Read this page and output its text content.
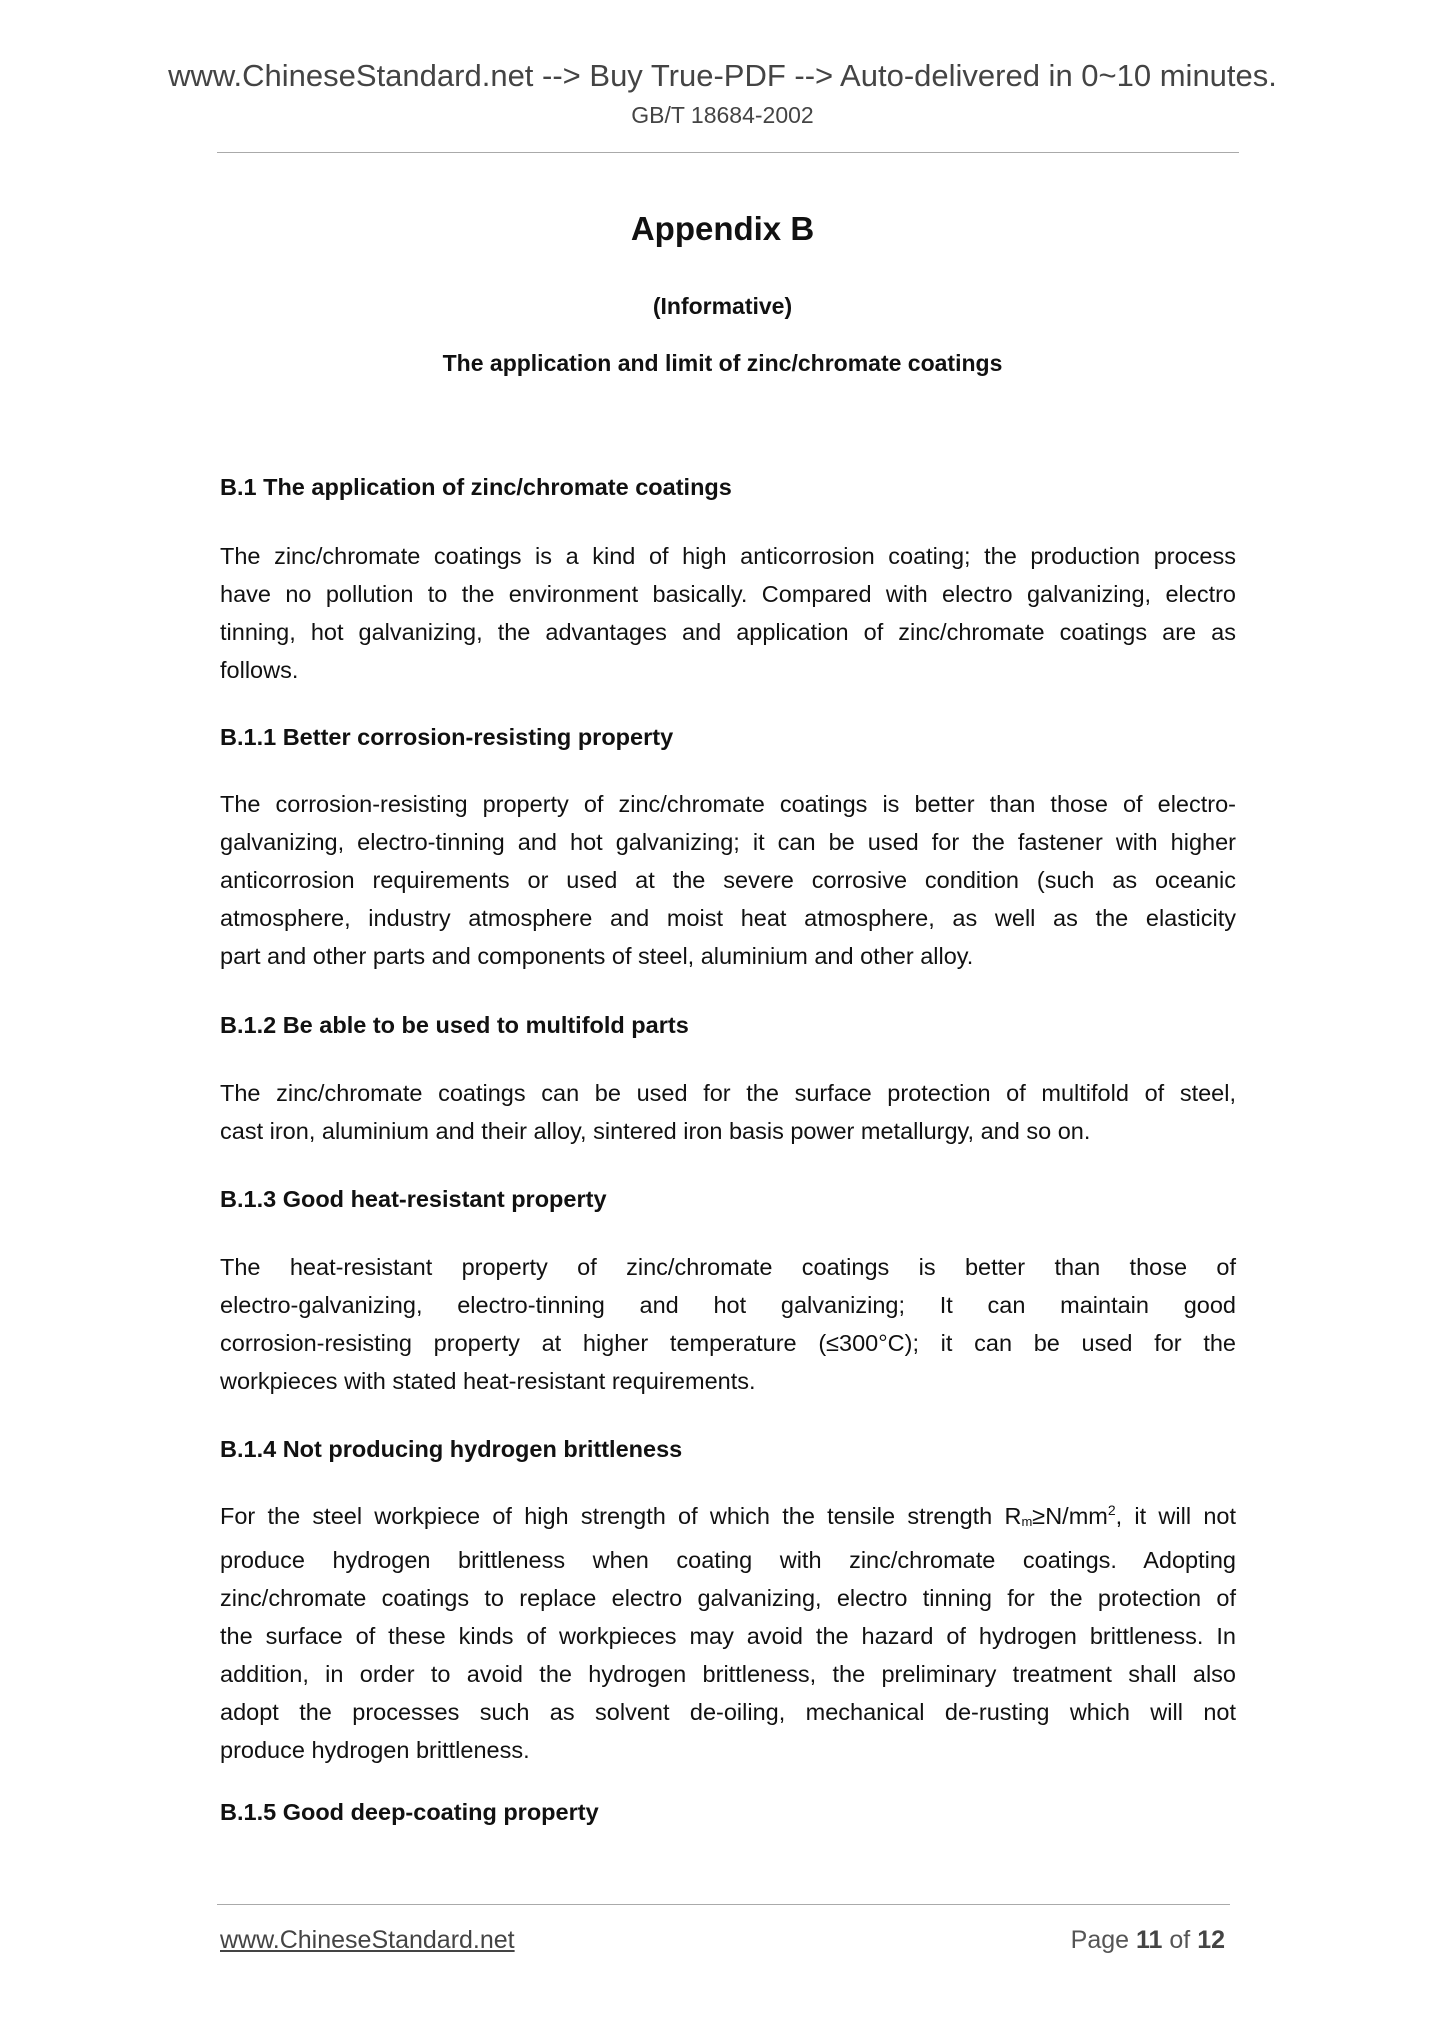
www.ChineseStandard.net --> Buy True-PDF --> Auto-delivered in 0~10 minutes.
GB/T 18684-2002
Appendix B
(Informative)
The application and limit of zinc/chromate coatings
B.1 The application of zinc/chromate coatings
The zinc/chromate coatings is a kind of high anticorrosion coating; the production process
have no pollution to the environment basically. Compared with electro galvanizing, electro
tinning, hot galvanizing, the advantages and application of zinc/chromate coatings are as
follows.
B.1.1 Better corrosion-resisting property
The corrosion-resisting property of zinc/chromate coatings is better than those of electro-
galvanizing, electro-tinning and hot galvanizing; it can be used for the fastener with higher
anticorrosion requirements or used at the severe corrosive condition (such as oceanic
atmosphere, industry atmosphere and moist heat atmosphere, as well as the elasticity
part and other parts and components of steel, aluminium and other alloy.
B.1.2 Be able to be used to multifold parts
The zinc/chromate coatings can be used for the surface protection of multifold of steel,
cast iron, aluminium and their alloy, sintered iron basis power metallurgy, and so on.
B.1.3 Good heat-resistant property
The heat-resistant property of zinc/chromate coatings is better than those of
electro-galvanizing, electro-tinning and hot galvanizing; It can maintain good
corrosion-resisting property at higher temperature (≤300°C); it can be used for the
workpieces with stated heat-resistant requirements.
B.1.4 Not producing hydrogen brittleness
For the steel workpiece of high strength of which the tensile strength $R_m\ge N/mm^2$, it will not
produce hydrogen brittleness when coating with zinc/chromate coatings. Adopting
zinc/chromate coatings to replace electro galvanizing, electro tinning for the protection of
the surface of these kinds of workpieces may avoid the hazard of hydrogen brittleness. In
addition, in order to avoid the hydrogen brittleness, the preliminary treatment shall also
adopt the processes such as solvent de-oiling, mechanical de-rusting which will not
produce hydrogen brittleness.
B.1.5 Good deep-coating property
www.ChineseStandard.net	Page 11 of 12
